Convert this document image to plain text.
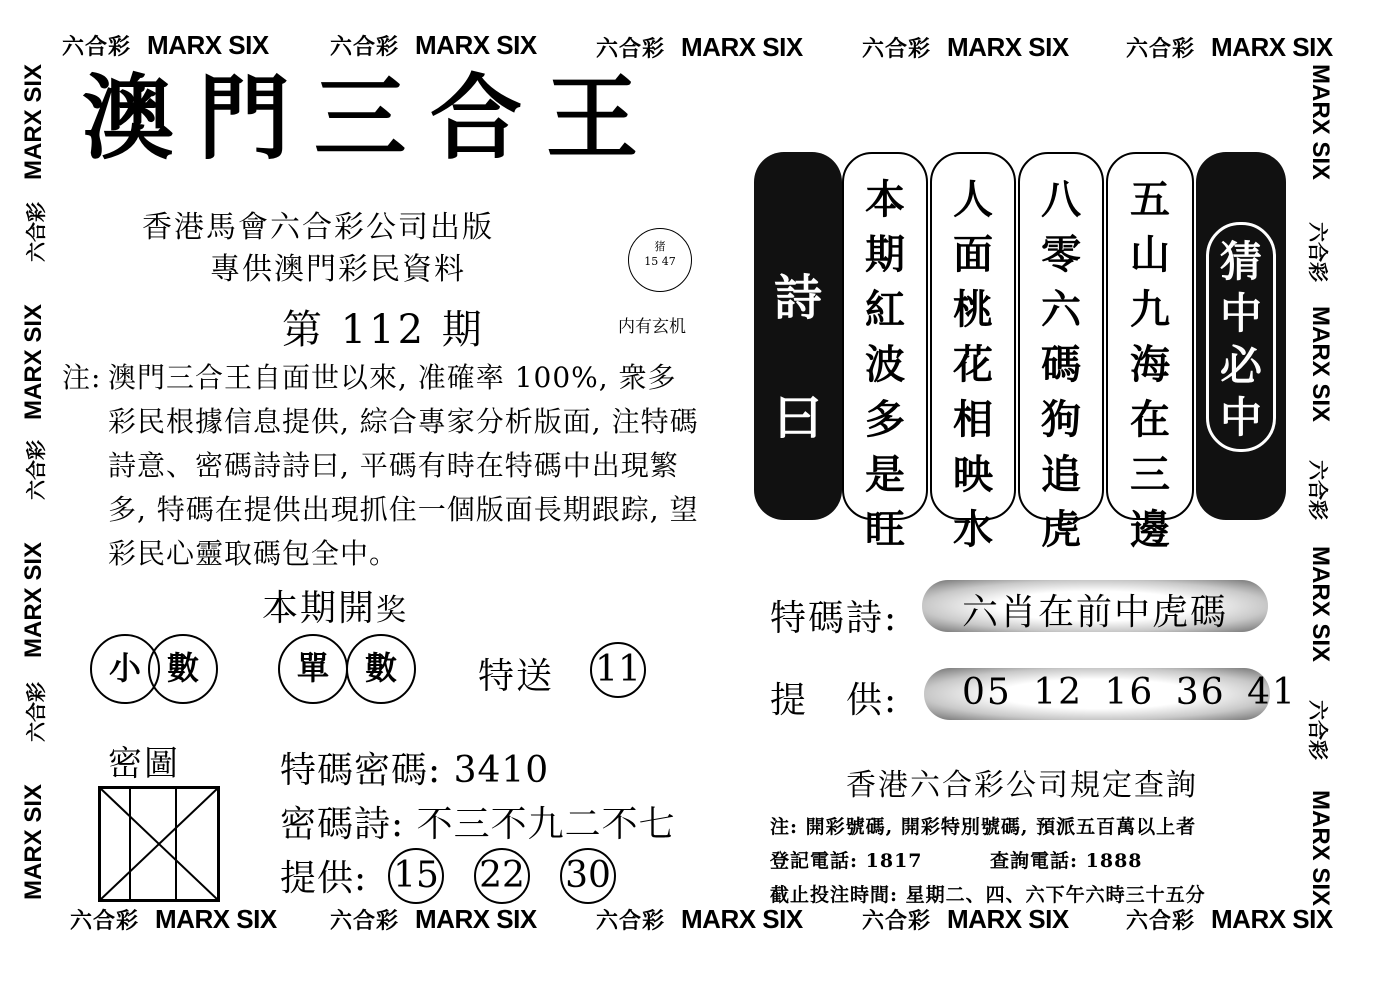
六合彩 MARX SIX	六合彩 MARX SIX	六合彩 MARX SIX	六合彩 MARX SIX	六合彩 MARX SIX
六合彩 MARX SIX 六合彩 MARX SIX	六合彩 MARX SIX	六合彩 MARX SIX	六合彩 MARX SIX
MARX SIX
六合彩
MARX SIX
六合彩
MARX SIX
六合彩
MARX SIX
MARX SIX
六合彩
MARX SIX
六合彩
MARX SIX
六合彩
MARX SIX
澳門三合王
香港馬會六合彩公司出版
專供澳門彩民資料
猪
15 47
第 112 期	内有玄机
注: 澳門三合王自面世以來, 准確率 100%, 衆多彩民根據信息提供, 綜合專家分析版面, 注特碼詩意、密碼詩詩曰, 平碼有時在特碼中出現繁多, 特碼在提供出現抓住一個版面長期跟踪, 望彩民心靈取碼包全中。
本期開奖
小 數	單	數	特送 11
密圖	特碼密碼: 3410
密碼詩: 不三不九二不七
提供: 15 22 30
詩
曰
本
期
紅
波
多
是
旺
人
面
桃
花
相
映
水
八
零
六
碼
狗
追
虎
五
山
九
海
在
三
邊
猜
中
必
中
特碼詩: 六肖在前中虎碼
提　供: 05 12 16 36 41
香港六合彩公司規定查詢
注: 開彩號碼, 開彩特別號碼, 預派五百萬以上者
登記電話: 1817	查詢電話: 1888
截止投注時間: 星期二、四、六下午六時三十五分
